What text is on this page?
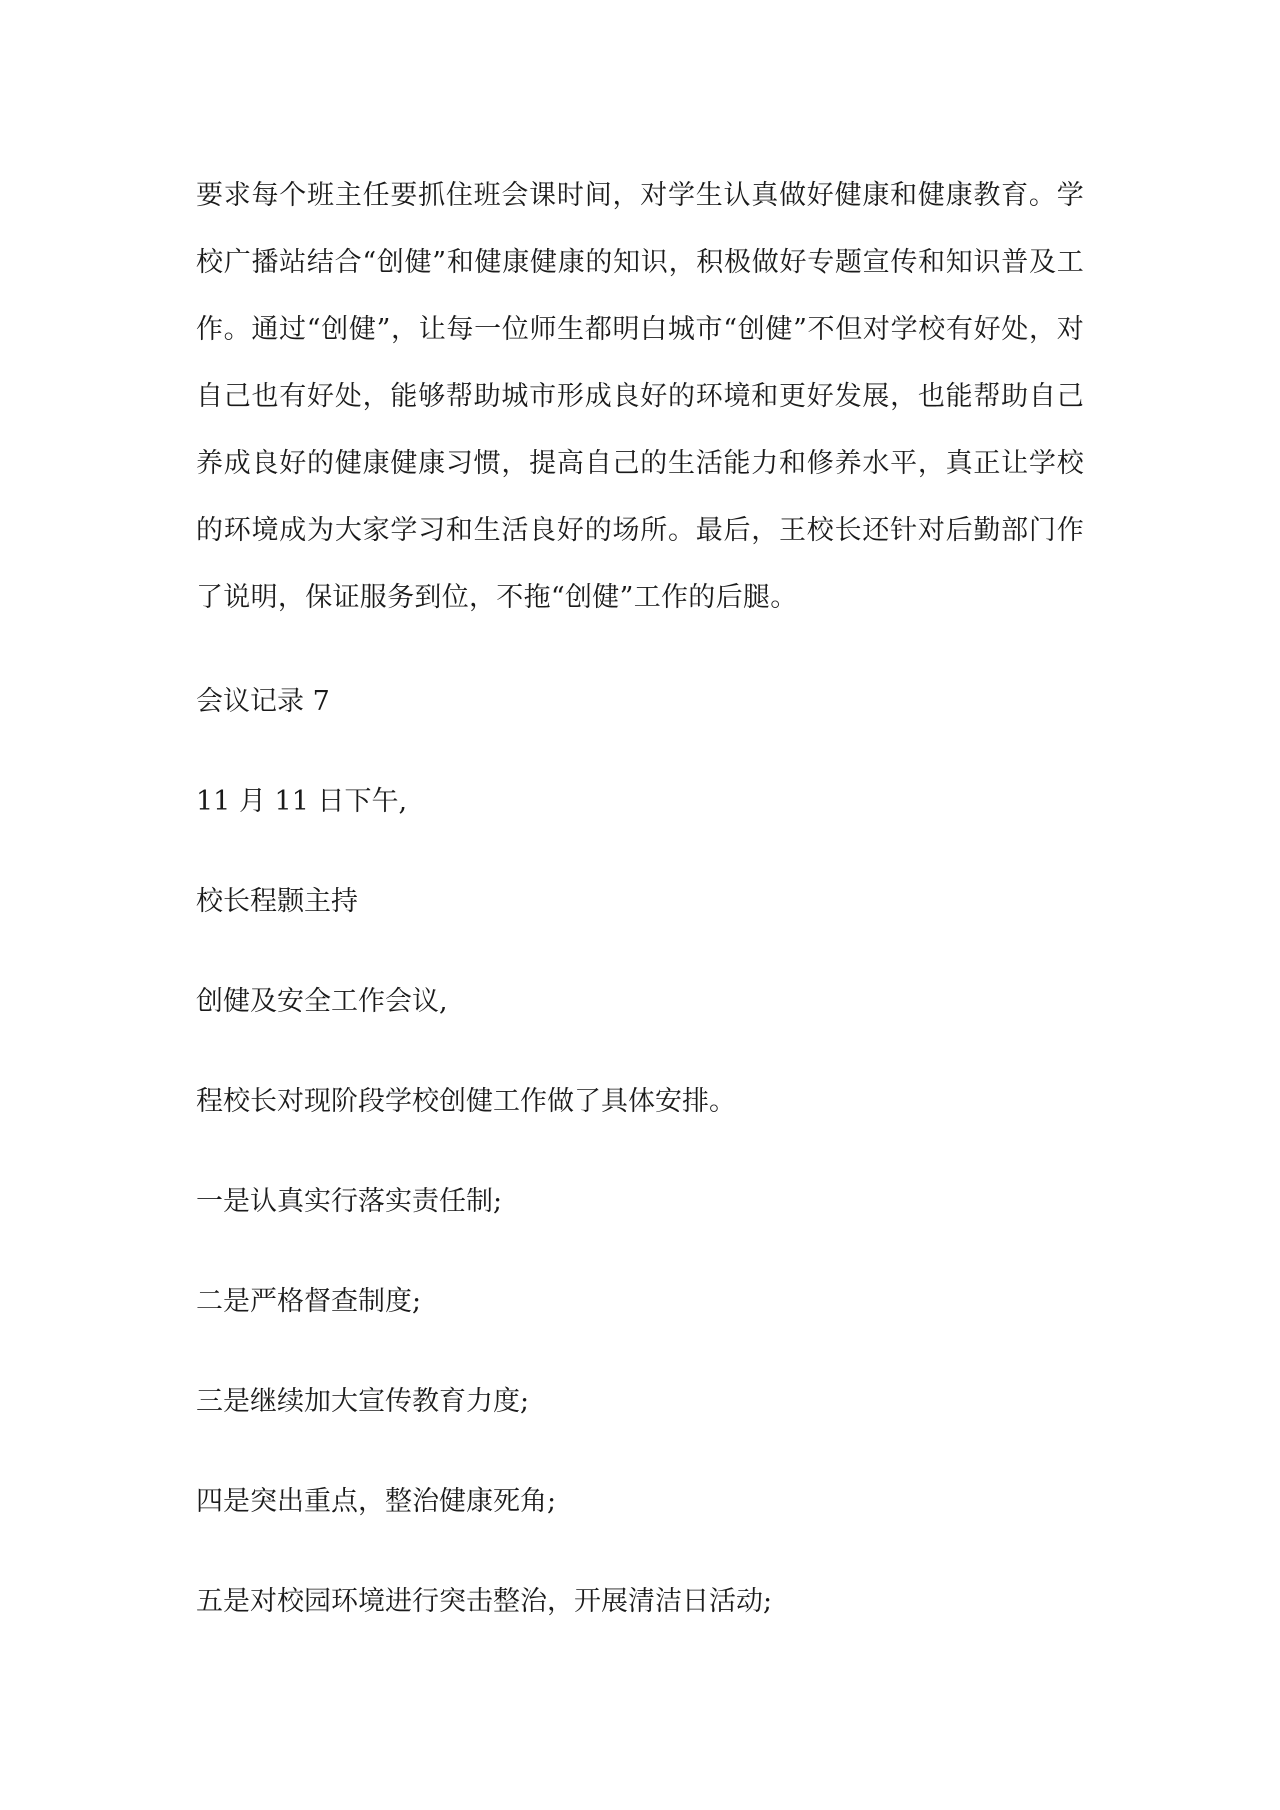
要求每个班主任要抓住班会课时间，对学生认真做好健康和健康教育。学校广播站结合“创健”和健康健康的知识，积极做好专题宣传和知识普及工作。通过“创健”，让每一位师生都明白城市“创健”不但对学校有好处，对自己也有好处，能够帮助城市形成良好的环境和更好发展，也能帮助自己养成良好的健康健康习惯，提高自己的生活能力和修养水平，真正让学校的环境成为大家学习和生活良好的场所。最后，王校长还针对后勤部门作了说明，保证服务到位，不拖“创健”工作的后腿。

会议记录 7
11 月 11 日下午,
校长程颢主持
创健及安全工作会议,
程校长对现阶段学校创健工作做了具体安排。
一是认真实行落实责任制;
二是严格督查制度;
三是继续加大宣传教育力度;
四是突出重点，整治健康死角;
五是对校园环境进行突击整治，开展清洁日活动;
